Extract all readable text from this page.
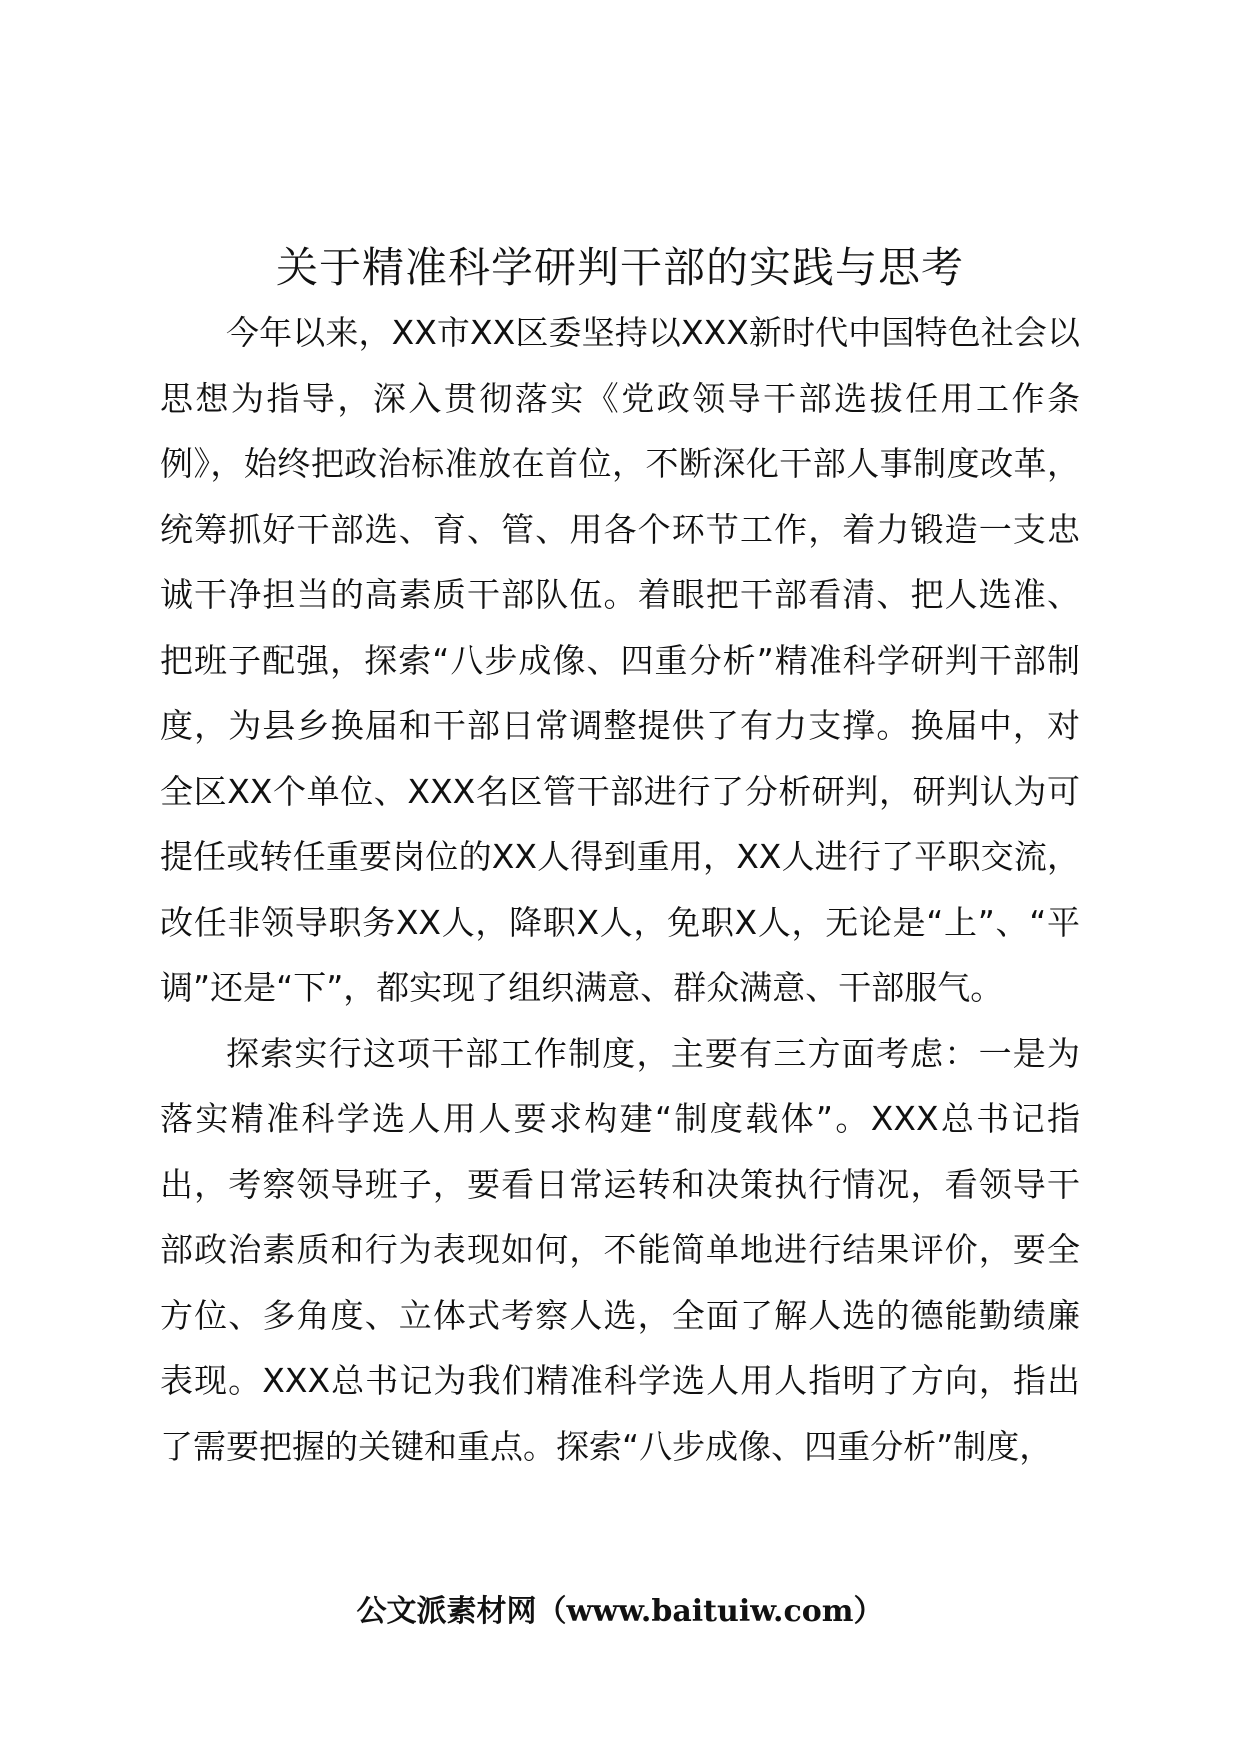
关于精准科学研判干部的实践与思考

今年以来，XX市XX区委坚持以XXX新时代中国特色社会以思想为指导，深入贯彻落实《党政领导干部选拔任用工作条例》，始终把政治标准放在首位，不断深化干部人事制度改革，统筹抓好干部选、育、管、用各个环节工作，着力锻造一支忠诚干净担当的高素质干部队伍。着眼把干部看清、把人选准、把班子配强，探索“八步成像、四重分析”精准科学研判干部制度，为县乡换届和干部日常调整提供了有力支撑。换届中，对全区XX个单位、XXX名区管干部进行了分析研判，研判认为可提任或转任重要岗位的XX人得到重用，XX人进行了平职交流，改任非领导职务XX人，降职X人，免职X人，无论是“上”、“平调”还是“下”，都实现了组织满意、群众满意、干部服气。

探索实行这项干部工作制度，主要有三方面考虑：一是为落实精准科学选人用人要求构建“制度载体”。XXX总书记指出，考察领导班子，要看日常运转和决策执行情况，看领导干部政治素质和行为表现如何，不能简单地进行结果评价，要全方位、多角度、立体式考察人选，全面了解人选的德能勤绩廉表现。XXX总书记为我们精准科学选人用人指明了方向，指出了需要把握的关键和重点。探索“八步成像、四重分析”制度，

公文派素材网（www.baituiw.com）
